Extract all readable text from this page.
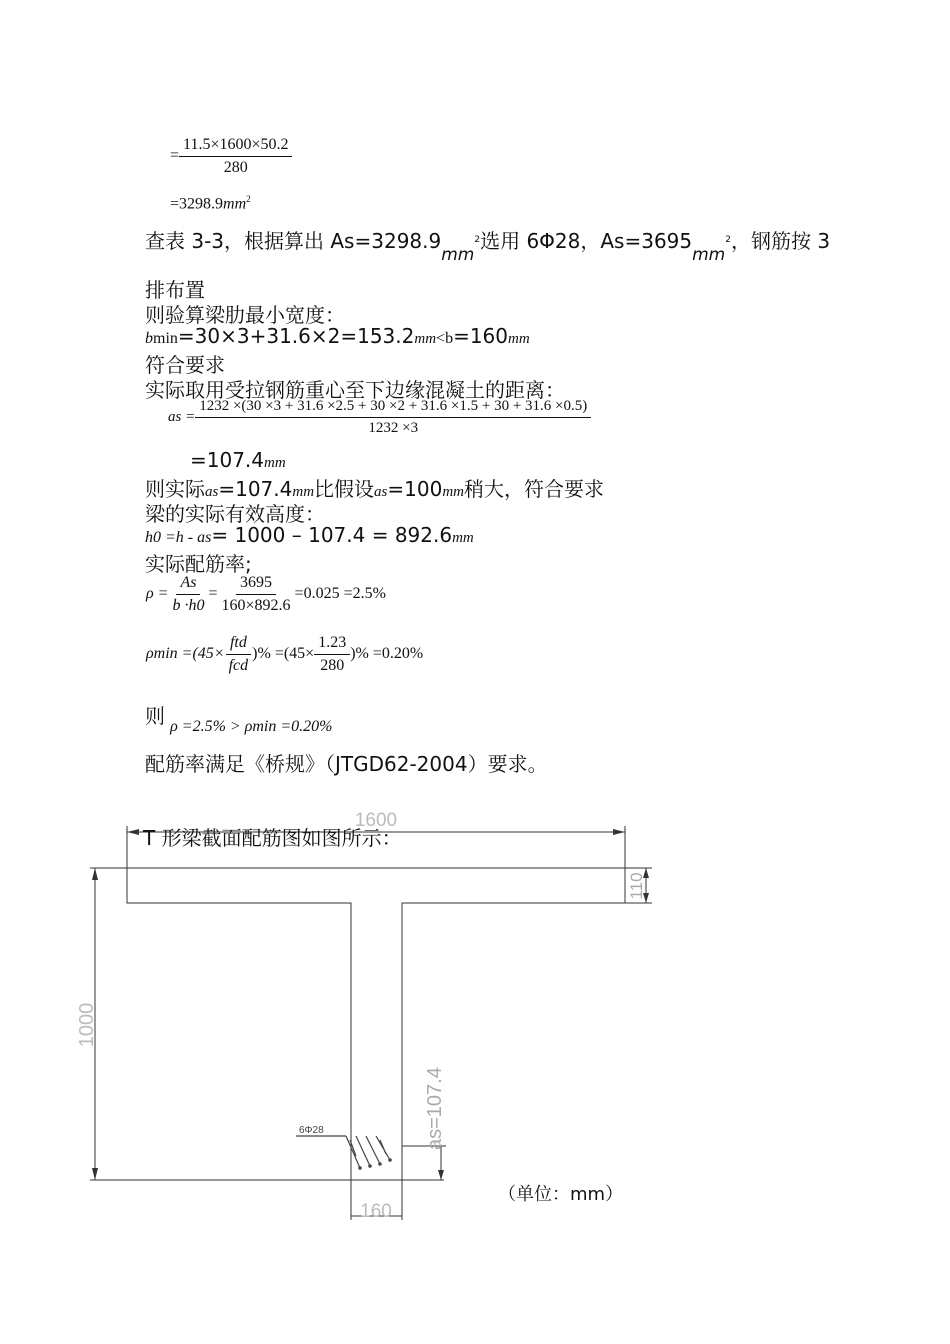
= $\frac{11.5\times 1600\times 50.2}{280}$
$=3298.9mm^2$
查表 3-3，根据算出 $As=3298.9_{mm}^2$选用 6Φ28，$As=3695_{mm}^2$，钢筋按 3
排布置
则验算梁肋最小宽度：
bmin=30×3+31.6×2=153.2mm<b=160mm
符合要求
实际取用受拉钢筋重心至下边缘混凝土的距离：
as =
1232 ×(30 ×3 + 31.6 ×2.5 + 30 ×2 + 31.6 ×1.5 + 30 + 31.6 ×0.5)
1232 ×3
=107.4mm
则实际as=107.4mm比假设as=100mm稍大，符合要求
梁的实际有效高度：
h0 =h - as= 1000 – 107.4 = 892.6mm
实际配筋率;
$\rho = \frac{As}{b \cdot h0} = \frac{3695}{160\times 892.6} =0.025 =2.5\%$
$\rho\min =(45\times \frac{\text{ftd}}{\text{fcd}}$ )% $=(45\times \frac{1.23}{280}$ )% =0.20%
则 ρ =2.5% > ρmin =0.20%
配筋率满足《桥规》（JTGD62-2004）要求。
1600
110
1000
as=107.4
160
6Φ28
T 形梁截面配筋图如图所示：
（单位：mm）
